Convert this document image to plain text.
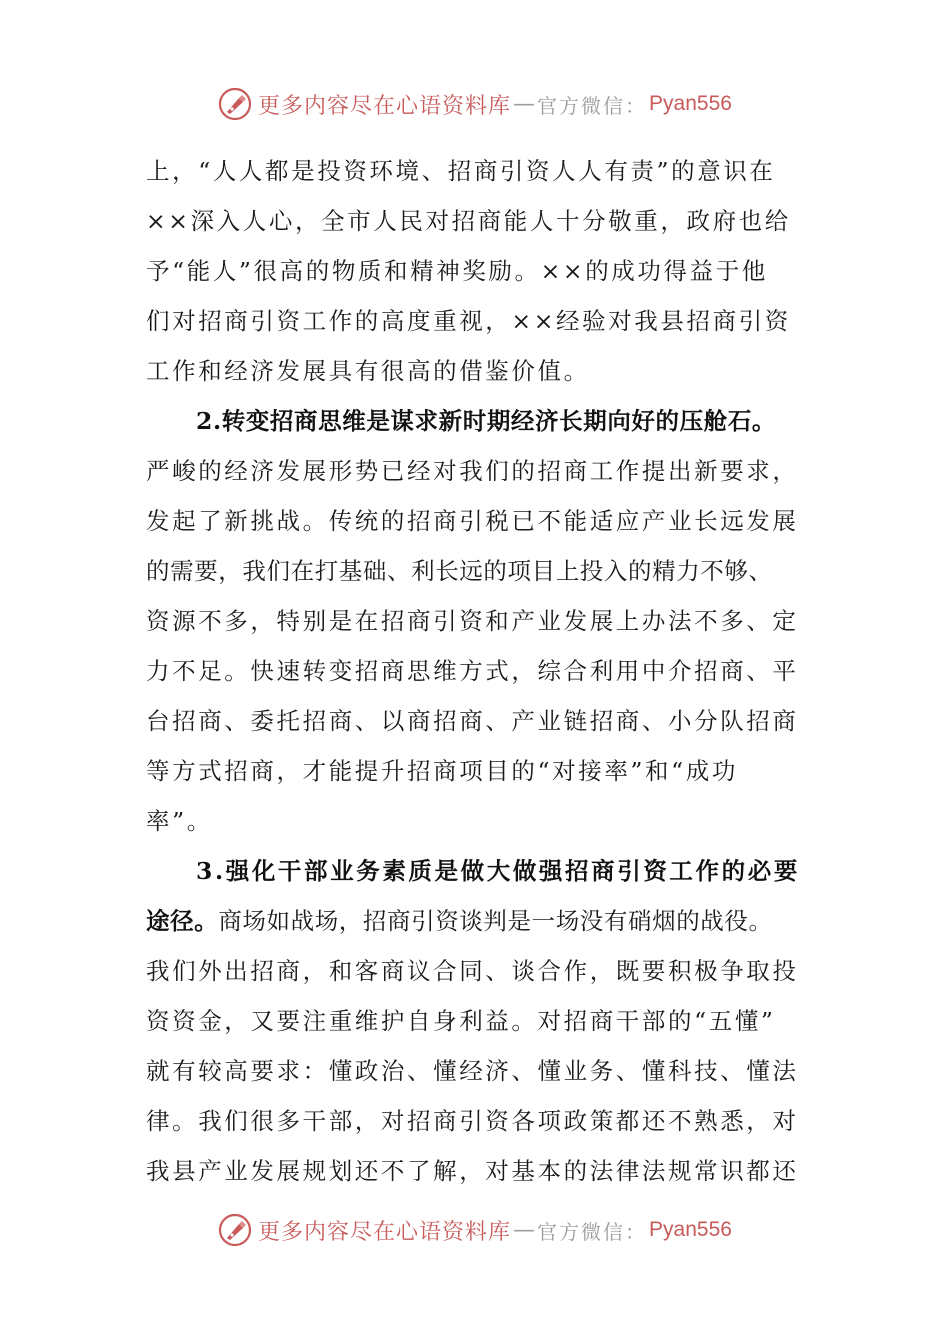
更多内容尽在心语资料库 — 官方微信： Pyan556
上，“人人都是投资环境、招商引资人人有责”的意识在
××深入人心，全市人民对招商能人十分敬重，政府也给
予“能人”很高的物质和精神奖励。××的成功得益于他
们对招商引资工作的高度重视，××经验对我县招商引资
工作和经济发展具有很高的借鉴价值。
2.转变招商思维是谋求新时期经济长期向好的压舱石。
严峻的经济发展形势已经对我们的招商工作提出新要求，
发起了新挑战。传统的招商引税已不能适应产业长远发展
的需要，我们在打基础、利长远的项目上投入的精力不够、
资源不多，特别是在招商引资和产业发展上办法不多、定
力不足。快速转变招商思维方式，综合利用中介招商、平
台招商、委托招商、以商招商、产业链招商、小分队招商
等方式招商，才能提升招商项目的“对接率”和“成功
率”。
3.强化干部业务素质是做大做强招商引资工作的必要
途径。商场如战场，招商引资谈判是一场没有硝烟的战役。
我们外出招商，和客商议合同、谈合作，既要积极争取投
资资金，又要注重维护自身利益。对招商干部的“五懂”
就有较高要求：懂政治、懂经济、懂业务、懂科技、懂法
律。我们很多干部，对招商引资各项政策都还不熟悉，对
我县产业发展规划还不了解，对基本的法律法规常识都还
更多内容尽在心语资料库 — 官方微信： Pyan556
